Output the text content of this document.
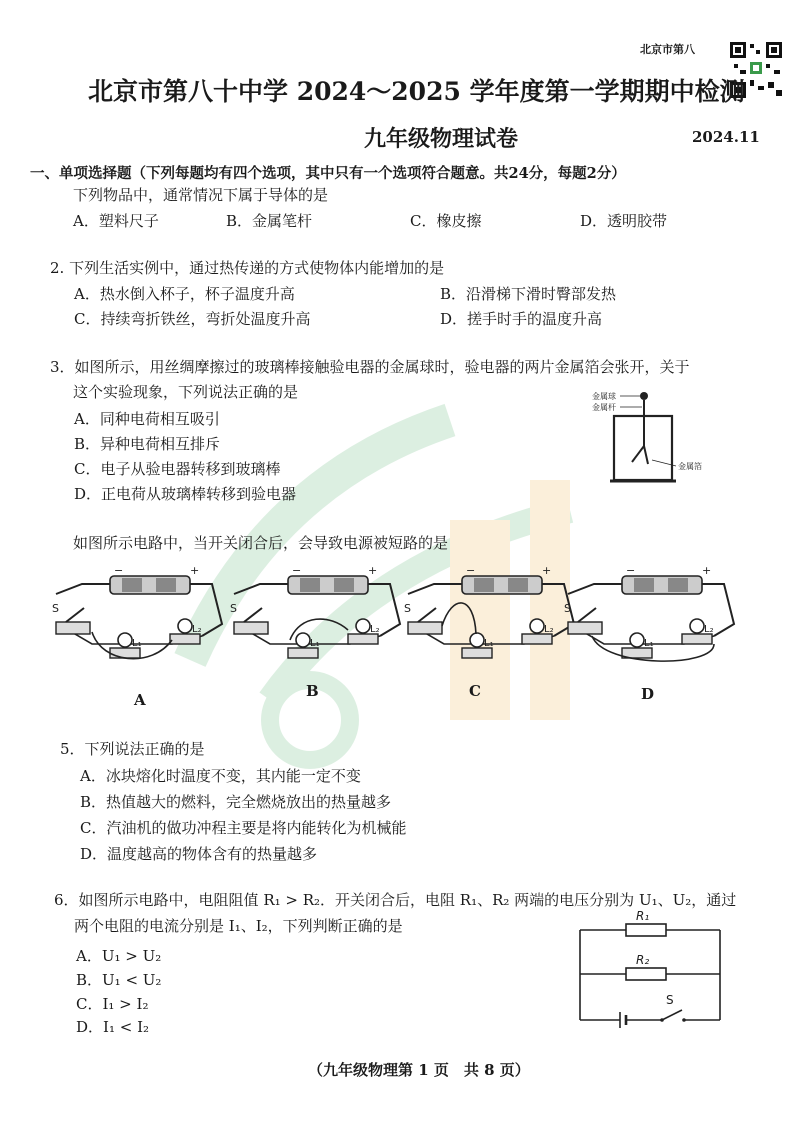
北京市第八
北京市第八十中学 2024～2025 学年度第一学期期中检测
九年级物理试卷	2024.11
一、单项选择题（下列每题均有四个选项，其中只有一个选项符合题意。共24分，每题2分）
下列物品中，通常情况下属于导体的是
A．塑料尺子	B．金属笔杆	C．橡皮擦	D．透明胶带
2. 下列生活实例中，通过热传递的方式使物体内能增加的是
A．热水倒入杯子，杯子温度升高	B．沿滑梯下滑时臀部发热
C．持续弯折铁丝，弯折处温度升高	D．搓手时手的温度升高
3．如图所示，用丝绸摩擦过的玻璃棒接触验电器的金属球时，验电器的两片金属箔会张开，关于
这个实验现象，下列说法正确的是
A．同种电荷相互吸引
B．异种电荷相互排斥
C．电子从验电器转移到玻璃棒
D．正电荷从玻璃棒转移到验电器
金属球
金属杆
金属箔
如图所示电路中，当开关闭合后，会导致电源被短路的是
−	+
S
L₁
L₂
−	+
S
L₁
L₂
−	+
S
L₁
L₂
−	+
S
L₁
L₂
A	B	C	D
5．下列说法正确的是
A．冰块熔化时温度不变，其内能一定不变
B．热值越大的燃料，完全燃烧放出的热量越多
C．汽油机的做功冲程主要是将内能转化为机械能
D．温度越高的物体含有的热量越多
6．如图所示电路中，电阻阻值 R₁ > R₂．开关闭合后，电阻 R₁、R₂ 两端的电压分别为 U₁、U₂，通过
两个电阻的电流分别是 I₁、I₂，下列判断正确的是
A．U₁ > U₂
B．U₁ < U₂
C．I₁ > I₂
D．I₁ < I₂
R₁
R₂
S
（九年级物理第 1 页　共 8 页）
